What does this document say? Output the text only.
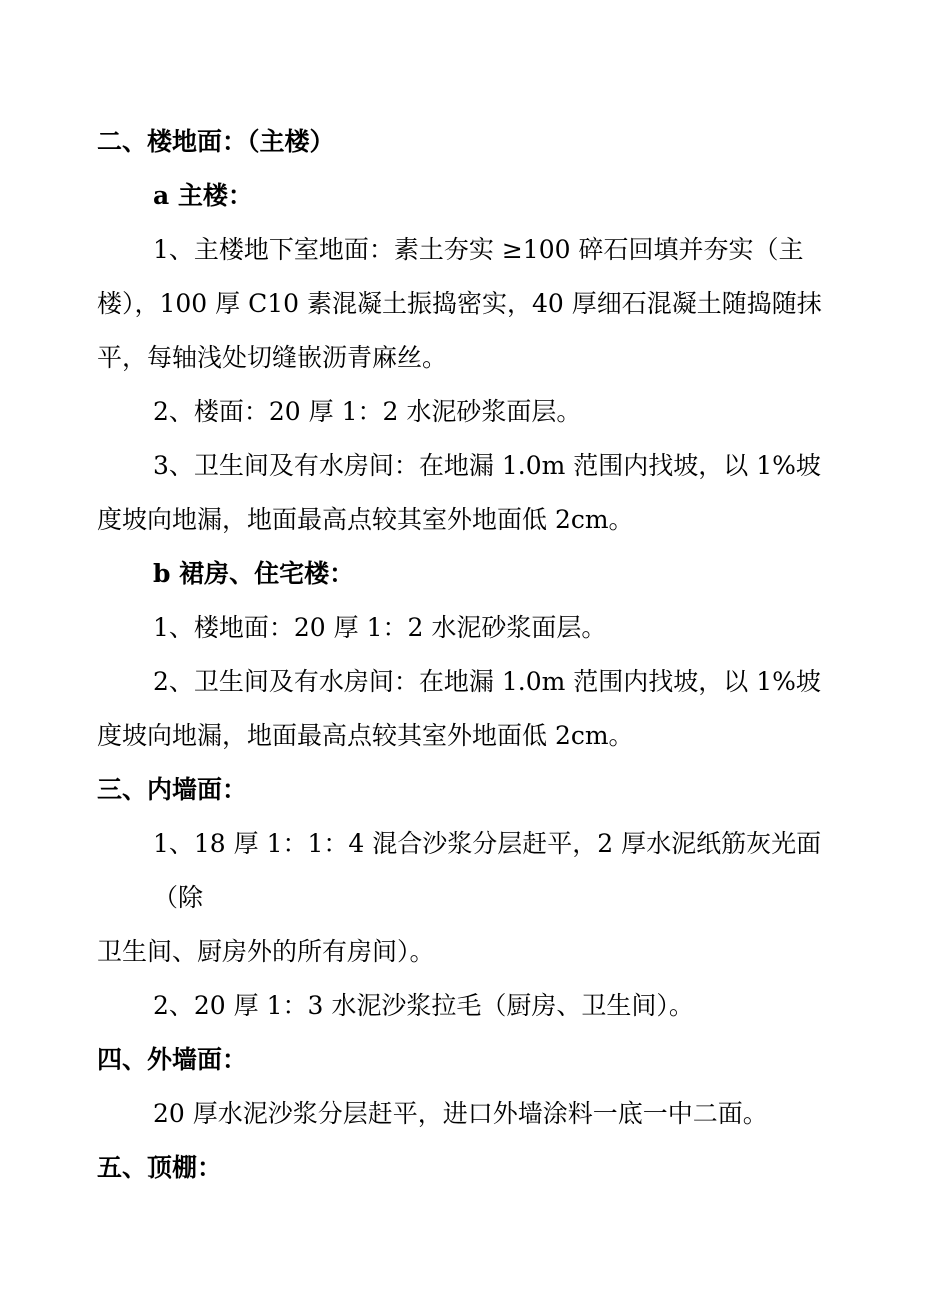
二、楼地面：（主楼）
a 主楼：
1、主楼地下室地面：素土夯实 ≥100 碎石回填并夯实（主
楼），100 厚 C10 素混凝土振捣密实，40 厚细石混凝土随捣随抹
平，每轴浅处切缝嵌沥青麻丝。
2、楼面：20 厚 1：2 水泥砂浆面层。
3、卫生间及有水房间：在地漏 1.0m 范围内找坡，以 1%坡
度坡向地漏，地面最高点较其室外地面低 2cm。
b 裙房、住宅楼：
1、楼地面：20 厚 1：2 水泥砂浆面层。
2、卫生间及有水房间：在地漏 1.0m 范围内找坡，以 1%坡
度坡向地漏，地面最高点较其室外地面低 2cm。
三、内墙面：
1、18 厚 1：1：4 混合沙浆分层赶平，2 厚水泥纸筋灰光面
（除
卫生间、厨房外的所有房间）。
2、20 厚 1：3 水泥沙浆拉毛（厨房、卫生间）。
四、外墙面：
20 厚水泥沙浆分层赶平，进口外墙涂料一底一中二面。
五、顶棚：
